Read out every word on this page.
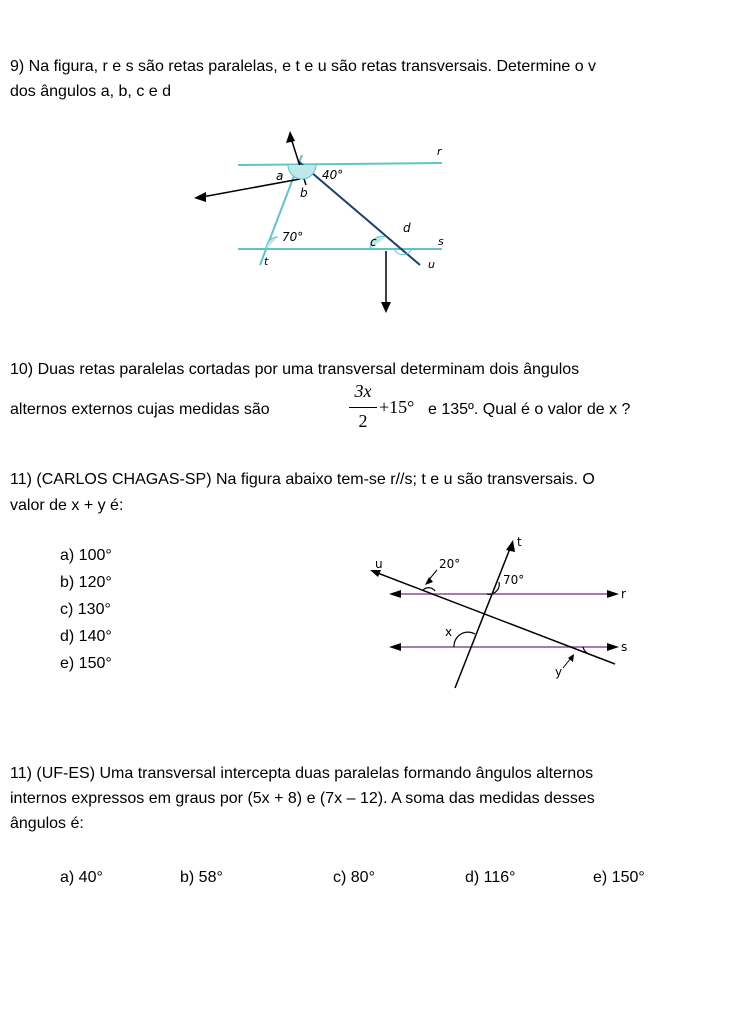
9) Na figura, r e s são retas paralelas, e t e u são retas transversais. Determine o v
dos ângulos a, b, c e d
r
s
t	u
a
b
c
d
40°
70°
10) Duas retas paralelas cortadas por uma transversal determinam dois ângulos
alternos externos cujas medidas são
3x
2
+15° e 135º. Qual é o valor de x ?
11) (CARLOS CHAGAS-SP) Na figura abaixo tem-se r//s; t e u são transversais. O
valor de x + y é:
a) 100°
b) 120°
c) 130°
d) 140°
e) 150°
t
u
r
s
x
y
20°
70°
11) (UF-ES) Uma transversal intercepta duas paralelas formando ângulos alternos
internos expressos em graus por (5x + 8) e (7x – 12). A soma das medidas desses
ângulos é:
a) 40°	b) 58°	c) 80°	d) 116°	e) 150°
